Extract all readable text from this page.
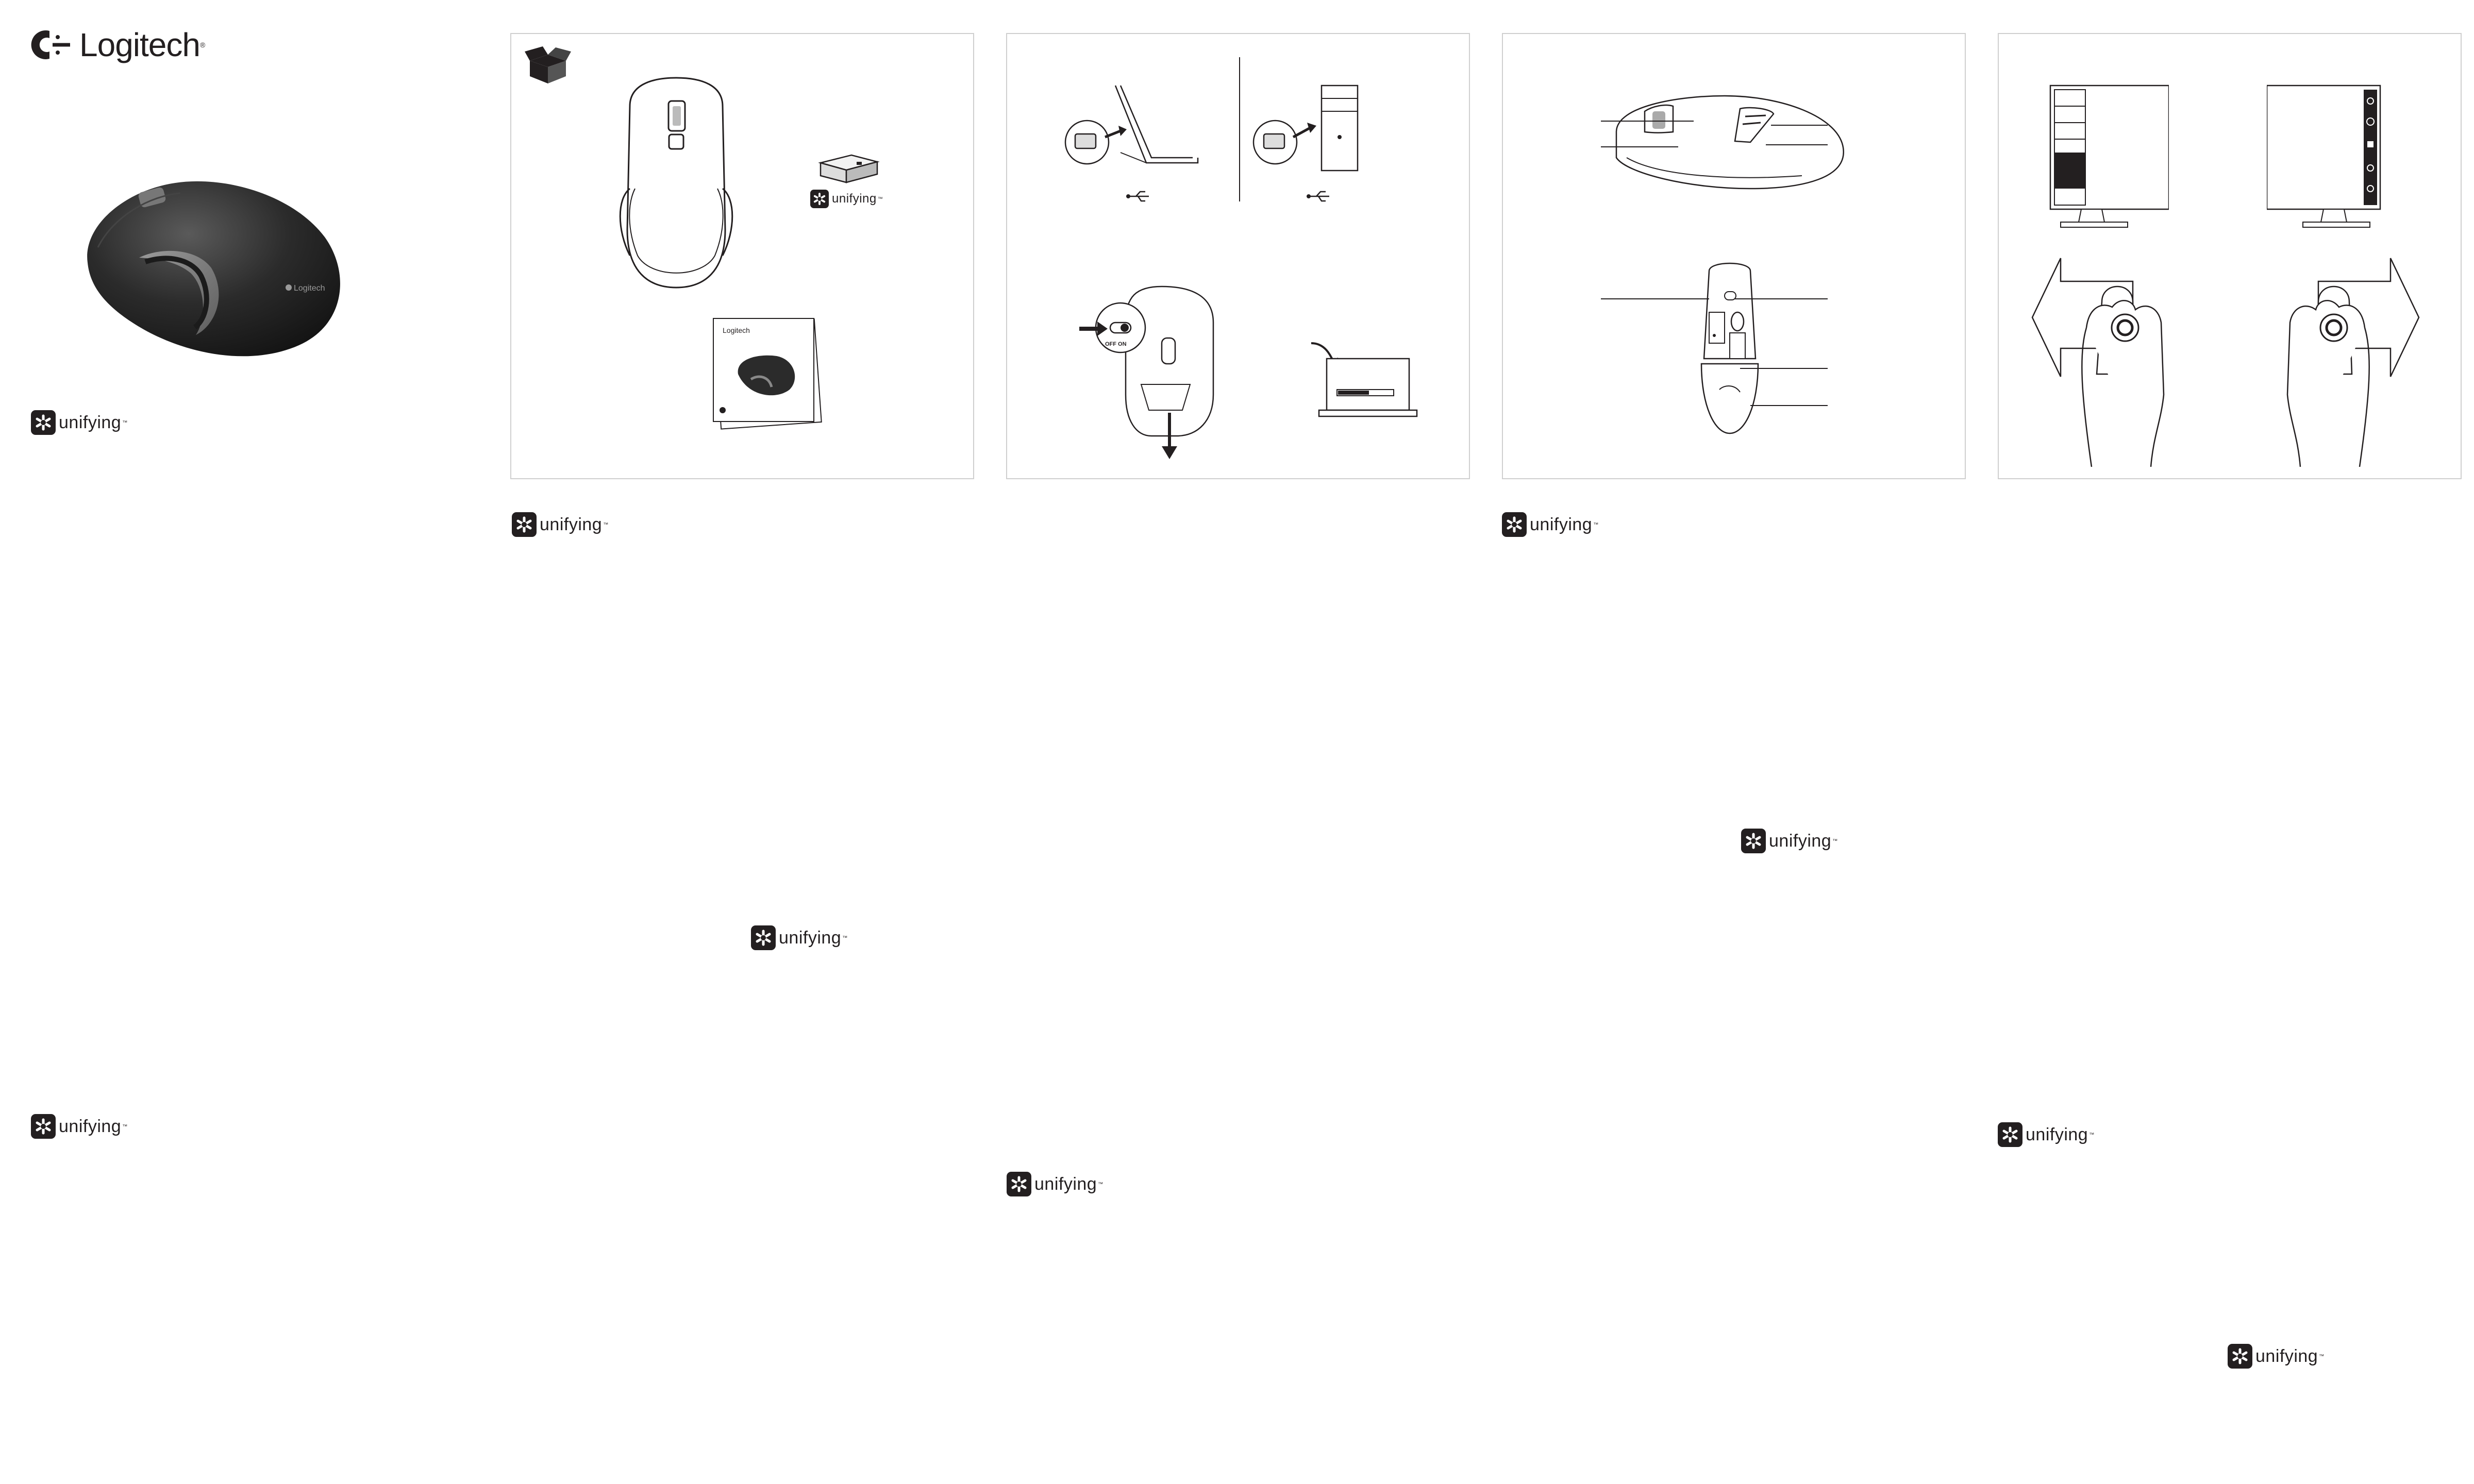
Logitech ®
Logitech
unifying ™
unifying ™
Logitech
OFF ON
unifying ™	unifying ™
unifying ™
unifying ™
unifying ™	unifying ™
unifying ™
unifying ™
